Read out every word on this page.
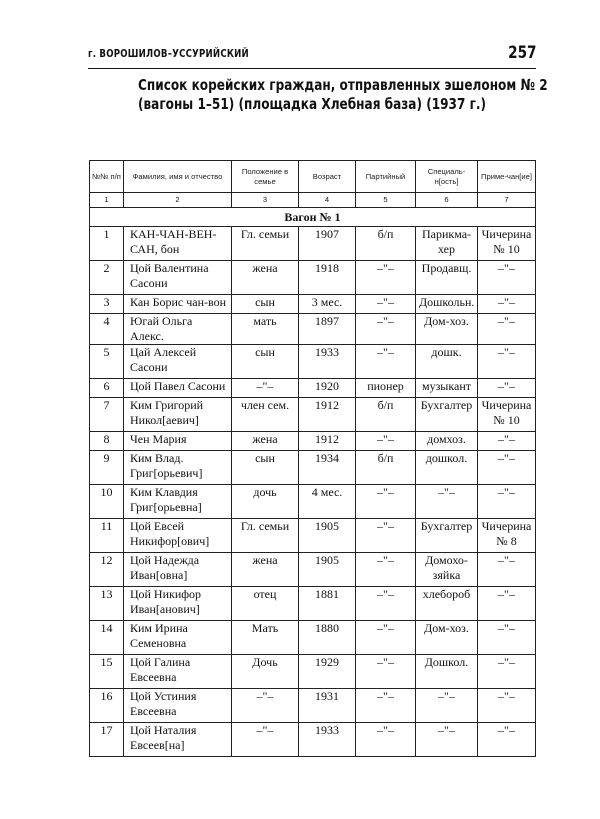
г. ВОРОШИЛОВ–УССУРИЙСКИЙ	257
Список корейских граждан, отправленных эшелоном № 2
(вагоны 1–51) (площадка Хлебная база) (1937 г.)
№№ п/п	Фамилия, имя и отчество	Положение в семье	Возраст	Партийный	Специаль-н[ость]	Приме-чан[ие]
1	2	3	4	5	6	7
Вагон № 1						
1	КАН-ЧАН-ВЕН-САН, бон	Гл. семьи	1907	б/п	Парикма-хер	Чичерина № 10
2	Цой Валентина Сасони	жена	1918	–"–	Продавщ.	–"–
3	Кан Борис чан-вон	сын	3 мес.	–"–	Дошкольн.	–"–
4	Югай Ольга Алекс.	мать	1897	–"–	Дом-хоз.	–"–
5	Цай Алексей Сасони	сын	1933	–"–	дошк.	–"–
6	Цой Павел Сасони	–"–	1920	пионер	музыкант	–"–
7	Ким Григорий Никол[аевич]	член сем.	1912	б/п	Бухгалтер	Чичерина № 10
8	Чен Мария	жена	1912	–"–	домхоз.	–"–
9	Ким Влад. Григ[орьевич]	сын	1934	б/п	дошкол.	–"–
10	Ким Клавдия Григ[орьевна]	дочь	4 мес.	–"–	–"–	–"–
11	Цой Евсей Никифор[ович]	Гл. семьи	1905	–"–	Бухгалтер	Чичерина № 8
12	Цой Надежда Иван[овна]	жена	1905	–"–	Домохо-зяйка	–"–
13	Цой Никифор Иван[анович]	отец	1881	–"–	хлебороб	–"–
14	Ким Ирина Семеновна	Мать	1880	–"–	Дом-хоз.	–"–
15	Цой Галина Евсеевна	Дочь	1929	–"–	Дошкол.	–"–
16	Цой Устиния Евсеевна	–"–	1931	–"–	–"–	–"–
17	Цой Наталия Евсеев[на]	–"–	1933	–"–	–"–	–"–
